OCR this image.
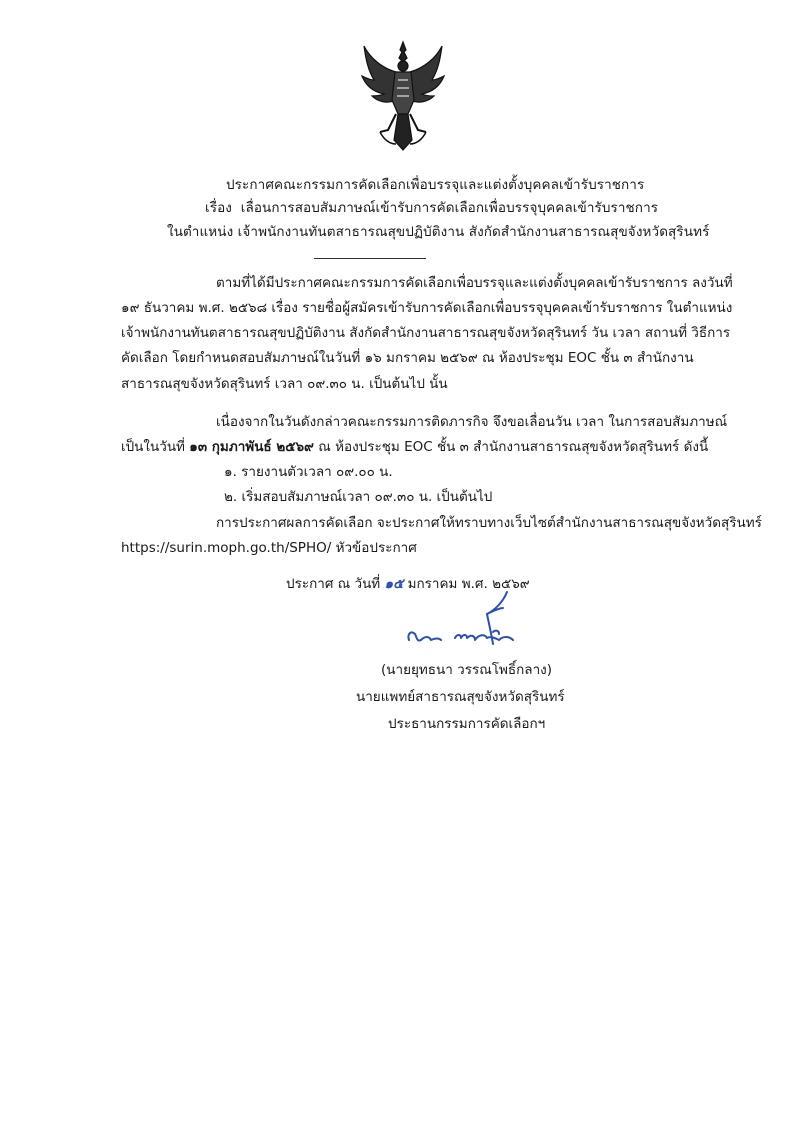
ประกาศคณะกรรมการคัดเลือกเพื่อบรรจุและแต่งตั้งบุคคลเข้ารับราชการ
เรื่อง เลื่อนการสอบสัมภาษณ์เข้ารับการคัดเลือกเพื่อบรรจุบุคคลเข้ารับราชการ
ในตำแหน่ง เจ้าพนักงานทันตสาธารณสุขปฏิบัติงาน สังกัดสำนักงานสาธารณสุขจังหวัดสุรินทร์
ตามที่ได้มีประกาศคณะกรรมการคัดเลือกเพื่อบรรจุและแต่งตั้งบุคคลเข้ารับราชการ ลงวันที่
๑๙ ธันวาคม พ.ศ. ๒๕๖๘ เรื่อง รายชื่อผู้สมัครเข้ารับการคัดเลือกเพื่อบรรจุบุคคลเข้ารับราชการ ในตำแหน่ง
เจ้าพนักงานทันตสาธารณสุขปฏิบัติงาน สังกัดสำนักงานสาธารณสุขจังหวัดสุรินทร์ วัน เวลา สถานที่ วิธีการ
คัดเลือก โดยกำหนดสอบสัมภาษณ์ในวันที่ ๑๖ มกราคม ๒๕๖๙ ณ ห้องประชุม EOC ชั้น ๓ สำนักงาน
สาธารณสุขจังหวัดสุรินทร์ เวลา ๐๙.๓๐ น. เป็นต้นไป นั้น
เนื่องจากในวันดังกล่าวคณะกรรมการติดภารกิจ จึงขอเลื่อนวัน เวลา ในการสอบสัมภาษณ์
เป็นในวันที่ ๑๓ กุมภาพันธ์ ๒๕๖๙ ณ ห้องประชุม EOC ชั้น ๓ สำนักงานสาธารณสุขจังหวัดสุรินทร์ ดังนี้
๑. รายงานตัวเวลา ๐๙.๐๐ น.
๒. เริ่มสอบสัมภาษณ์เวลา ๐๙.๓๐ น. เป็นต้นไป
การประกาศผลการคัดเลือก จะประกาศให้ทราบทางเว็บไซต์สำนักงานสาธารณสุขจังหวัดสุรินทร์
https://surin.moph.go.th/SPHO/ หัวข้อประกาศ
ประกาศ ณ วันที่ ๑๕ มกราคม พ.ศ. ๒๕๖๙
(นายยุทธนา วรรณโพธิ์กลาง)
นายแพทย์สาธารณสุขจังหวัดสุรินทร์
ประธานกรรมการคัดเลือกฯ
